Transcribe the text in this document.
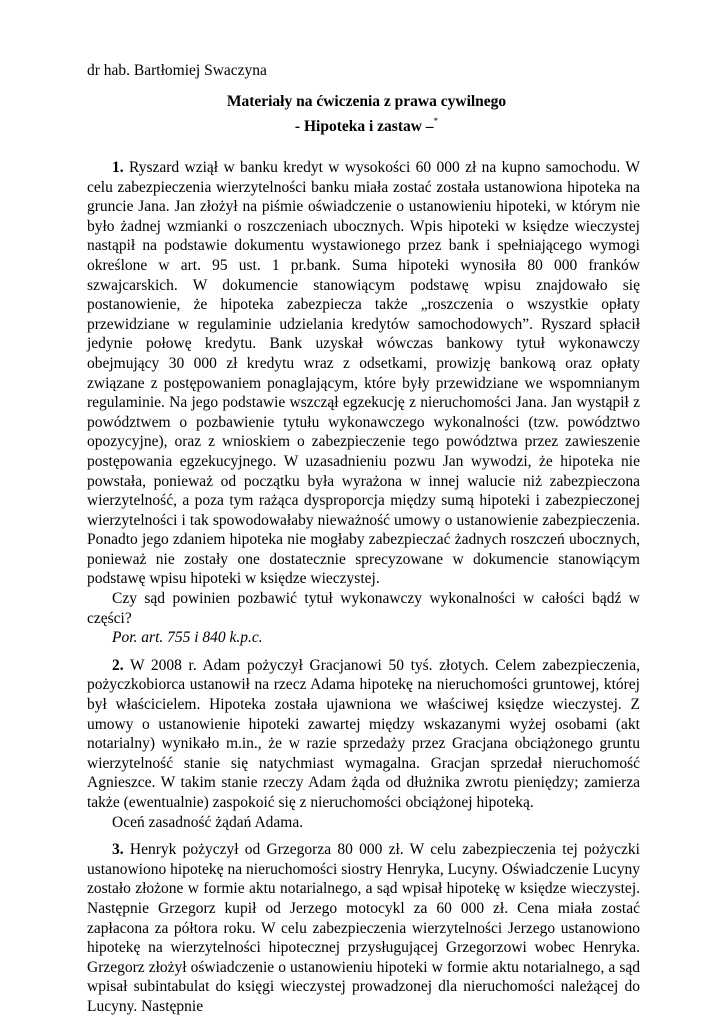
dr hab. Bartłomiej Swaczyna
Materiały na ćwiczenia z prawa cywilnego
- Hipoteka i zastaw –*

1. Ryszard wziął w banku kredyt w wysokości 60 000 zł na kupno samochodu. W celu zabezpieczenia wierzytelności banku miała zostać została ustanowiona hipoteka na gruncie Jana. Jan złożył na piśmie oświadczenie o ustanowieniu hipoteki, w którym nie było żadnej wzmianki o roszczeniach ubocznych. Wpis hipoteki w księdze wieczystej nastąpił na podstawie dokumentu wystawionego przez bank i spełniającego wymogi określone w art. 95 ust. 1 pr.bank. Suma hipoteki wynosiła 80 000 franków szwajcarskich. W dokumencie stanowiącym podstawę wpisu znajdowało się postanowienie, że hipoteka zabezpiecza także „roszczenia o wszystkie opłaty przewidziane w regulaminie udzielania kredytów samochodowych”. Ryszard spłacił jedynie połowę kredytu. Bank uzyskał wówczas bankowy tytuł wykonawczy obejmujący 30 000 zł kredytu wraz z odsetkami, prowizję bankową oraz opłaty związane z postępowaniem ponaglającym, które były przewidziane we wspomnianym regulaminie. Na jego podstawie wszczął egzekucję z nieruchomości Jana. Jan wystąpił z powództwem o pozbawienie tytułu wykonawczego wykonalności (tzw. powództwo opozycyjne), oraz z wnioskiem o zabezpieczenie tego powództwa przez zawieszenie postępowania egzekucyjnego. W uzasadnieniu pozwu Jan wywodzi, że hipoteka nie powstała, ponieważ od początku była wyrażona w innej walucie niż zabezpieczona wierzytelność, a poza tym rażąca dysproporcja między sumą hipoteki i zabezpieczonej wierzytelności i tak spowodowałaby nieważność umowy o ustanowienie zabezpieczenia. Ponadto jego zdaniem hipoteka nie mogłaby zabezpieczać żadnych roszczeń ubocznych, ponieważ nie zostały one dostatecznie sprecyzowane w dokumencie stanowiącym podstawę wpisu hipoteki w księdze wieczystej.

Czy sąd powinien pozbawić tytuł wykonawczy wykonalności w całości bądź w części?

Por. art. 755 i 840 k.p.c.

2. W 2008 r. Adam pożyczył Gracjanowi 50 tyś. złotych. Celem zabezpieczenia, pożyczkobiorca ustanowił na rzecz Adama hipotekę na nieruchomości gruntowej, której był właścicielem. Hipoteka została ujawniona we właściwej księdze wieczystej. Z umowy o ustanowienie hipoteki zawartej między wskazanymi wyżej osobami (akt notarialny) wynikało m.in., że w razie sprzedaży przez Gracjana obciążonego gruntu wierzytelność stanie się natychmiast wymagalna. Gracjan sprzedał nieruchomość Agnieszce. W takim stanie rzeczy Adam żąda od dłużnika zwrotu pieniędzy; zamierza także (ewentualnie) zaspokoić się z nieruchomości obciążonej hipoteką.

Oceń zasadność żądań Adama.

3. Henryk pożyczył od Grzegorza 80 000 zł. W celu zabezpieczenia tej pożyczki ustanowiono hipotekę na nieruchomości siostry Henryka, Lucyny. Oświadczenie Lucyny zostało złożone w formie aktu notarialnego, a sąd wpisał hipotekę w księdze wieczystej. Następnie Grzegorz kupił od Jerzego motocykl za 60 000 zł. Cena miała zostać zapłacona za półtora roku. W celu zabezpieczenia wierzytelności Jerzego ustanowiono hipotekę na wierzytelności hipotecznej przysługującej Grzegorzowi wobec Henryka. Grzegorz złożył oświadczenie o ustanowieniu hipoteki w formie aktu notarialnego, a sąd wpisał subintabulat do księgi wieczystej prowadzonej dla nieruchomości należącej do Lucyny. Następnie
